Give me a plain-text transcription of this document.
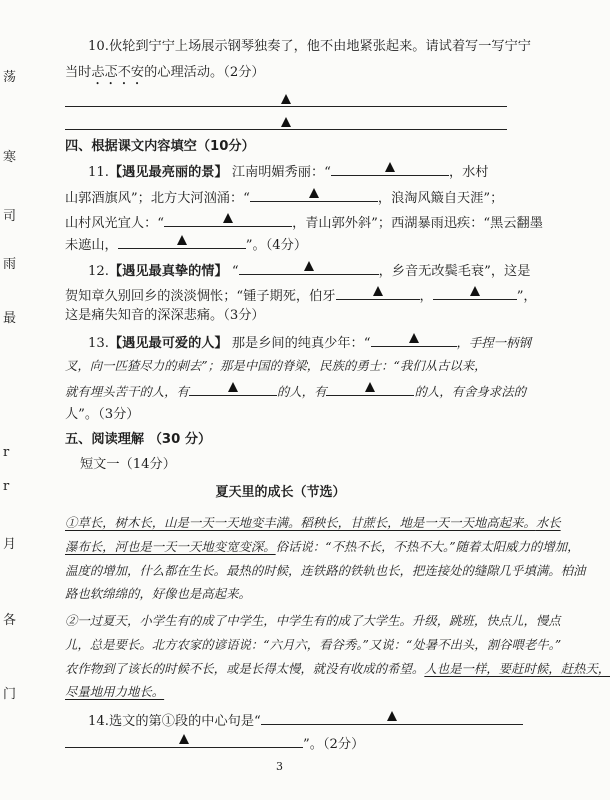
荡
寒
司
雨
最
r
r
月
各
门
10.伙轮到宁宁上场展示钢琴独奏了，他不由地紧张起来。请试着写一写宁宁
当时忐忑不安的心理活动。（2分）
四、根据课文内容填空（10分）
11.【遇见最亮丽的景】 江南明媚秀丽：“	，水村
山郭酒旗风”；北方大河汹涌：“	，浪淘风簸自天涯”；
山村风光宜人：“	，青山郭外斜”；西湖暴雨迅疾：“黑云翻墨
未遮山，	”。（4分）
12.【遇见最真挚的情】 “	，乡音无改鬓毛衰”，这是
贺知章久别回乡的淡淡惆怅；“锺子期死，伯牙	，	”，
这是痛失知音的深深悲痛。（3分）
13.【遇见最可爱的人】 那是乡间的纯真少年：“	，手捏一柄钢
叉，向一匹猹尽力的刺去”；那是中国的脊梁，民族的勇士：“我们从古以来，
就有埋头苦干的人，有	的人，有	的人，有舍身求法的
人”。（3分）
五、阅读理解 （30 分）
短文一（14分）
夏天里的成长（节选）
①草长，树木长，山是一天一天地变丰满。稻秧长，甘蔗长，地是一天一天地高起来。水长
瀑布长，河也是一天一天地变宽变深。俗话说：“不热不长，不热不大。”随着太阳威力的增加，
温度的增加，什么都在生长。最热的时候，连铁路的铁轨也长，把连接处的缝隙几乎填满。柏油
路也软绵绵的，好像也是高起来。
②一过夏天，小学生有的成了中学生，中学生有的成了大学生。升级，跳班，快点儿，慢点
儿，总是要长。北方农家的谚语说：“六月六，看谷秀。”又说：“处暑不出头，割谷喂老牛。”
农作物到了该长的时候不长，或是长得太慢，就没有收成的希望。人也是一样，要赶时候，赶热天，
尽量地用力地长。
14.选文的第①段的中心句是“
”。（2分）
3
